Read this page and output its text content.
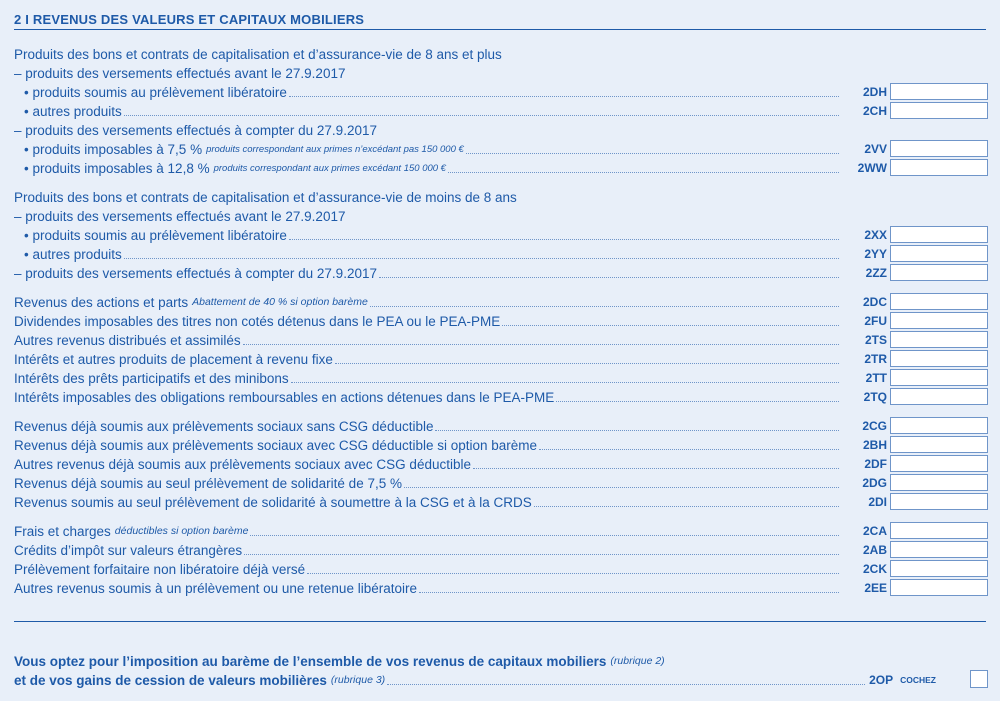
2 I REVENUS DES VALEURS ET CAPITAUX MOBILIERS
Produits des bons et contrats de capitalisation et d’assurance-vie de 8 ans et plus
– produits des versements effectués avant le 27.9.2017
• produits soumis au prélèvement libératoire	2DH
• autres produits	2CH
– produits des versements effectués à compter du 27.9.2017
• produits imposables à 7,5 % produits correspondant aux primes n’excédant pas 150 000 €	2VV
• produits imposables à 12,8 % produits correspondant aux primes excédant 150 000 €	2WW
Produits des bons et contrats de capitalisation et d’assurance-vie de moins de 8 ans
– produits des versements effectués avant le 27.9.2017
• produits soumis au prélèvement libératoire	2XX
• autres produits	2YY
– produits des versements effectués à compter du 27.9.2017	2ZZ
Revenus des actions et parts Abattement de 40 % si option barème	2DC
Dividendes imposables des titres non cotés détenus dans le PEA ou le PEA-PME	2FU
Autres revenus distribués et assimilés	2TS
Intérêts et autres produits de placement à revenu fixe	2TR
Intérêts des prêts participatifs et des minibons	2TT
Intérêts imposables des obligations remboursables en actions détenues dans le PEA-PME	2TQ
Revenus déjà soumis aux prélèvements sociaux sans CSG déductible	2CG
Revenus déjà soumis aux prélèvements sociaux avec CSG déductible si option barème	2BH
Autres revenus déjà soumis aux prélèvements sociaux avec CSG déductible	2DF
Revenus déjà soumis au seul prélèvement de solidarité de 7,5 %	2DG
Revenus soumis au seul prélèvement de solidarité à soumettre à la CSG et à la CRDS	2DI
Frais et charges déductibles si option barème	2CA
Crédits d’impôt sur valeurs étrangères	2AB
Prélèvement forfaitaire non libératoire déjà versé	2CK
Autres revenus soumis à un prélèvement ou une retenue libératoire	2EE
Vous optez pour l’imposition au barème de l’ensemble de vos revenus de capitaux mobiliers (rubrique 2)
et de vos gains de cession de valeurs mobilières (rubrique 3)	2OP COCHEZ
